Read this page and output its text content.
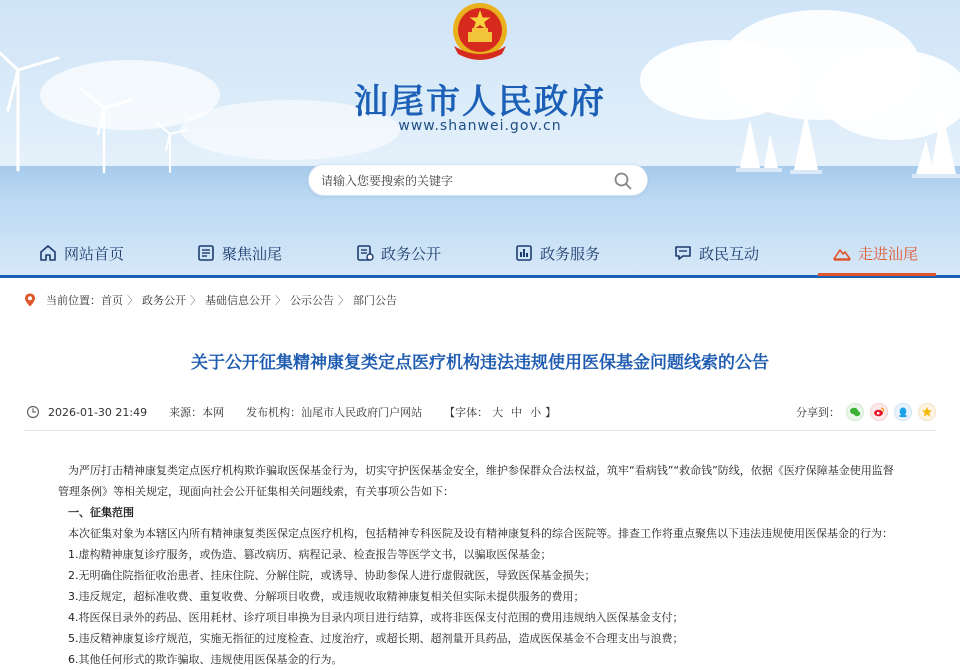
汕尾市人民政府
www.shanwei.gov.cn
请输入您要搜索的关键字
网站首页	聚焦汕尾	政务公开	政务服务	政民互动	走进汕尾
当前位置： 首页 〉 政务公开 〉 基础信息公开 〉 公示公告 〉 部门公告
关于公开征集精神康复类定点医疗机构违法违规使用医保基金问题线索的公告
2026-01-30 21:49 来源： 本网 发布机构： 汕尾市人民政府门户网站 【字体： 大 中 小 】	分享到：

为严厉打击精神康复类定点医疗机构欺诈骗取医保基金行为，切实守护医保基金安全，维护参保群众合法权益，筑牢“看病钱”“救命钱”防线，依据《医疗保障基金使用监督

管理条例》等相关规定，现面向社会公开征集相关问题线索，有关事项公告如下：

一、征集范围

本次征集对象为本辖区内所有精神康复类医保定点医疗机构，包括精神专科医院及设有精神康复科的综合医院等。排查工作将重点聚焦以下违法违规使用医保基金的行为：

1.虚构精神康复诊疗服务，或伪造、篡改病历、病程记录、检查报告等医学文书，以骗取医保基金；

2.无明确住院指征收治患者、挂床住院、分解住院，或诱导、协助参保人进行虚假就医，导致医保基金损失；

3.违反规定，超标准收费、重复收费、分解项目收费，或违规收取精神康复相关但实际未提供服务的费用；

4.将医保目录外的药品、医用耗材、诊疗项目串换为目录内项目进行结算，或将非医保支付范围的费用违规纳入医保基金支付；

5.违反精神康复诊疗规范，实施无指征的过度检查、过度治疗，或超长期、超剂量开具药品，造成医保基金不合理支出与浪费；

6.其他任何形式的欺诈骗取、违规使用医保基金的行为。
